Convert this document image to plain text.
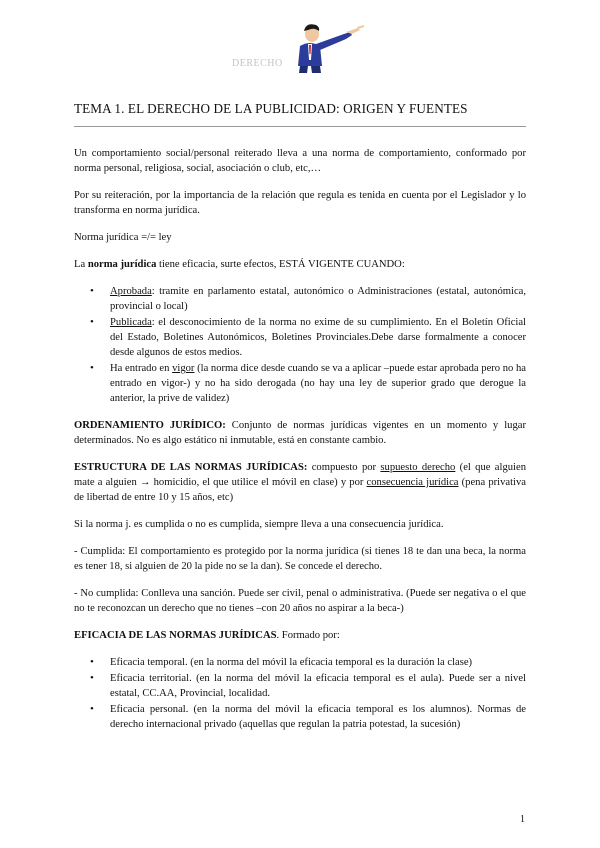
DERECHO
TEMA 1. EL DERECHO DE LA PUBLICIDAD: ORIGEN Y FUENTES

Un comportamiento social/personal reiterado lleva a una norma de comportamiento, conformado por norma personal, religiosa, social, asociación o club, etc,…

Por su reiteración, por la importancia de la relación que regula es tenida en cuenta por el Legislador y lo transforma en norma jurídica.

Norma jurídica =/= ley

La norma jurídica tiene eficacia, surte efectos, ESTÁ VIGENTE CUANDO:

• Aprobada: tramite en parlamento estatal, autonómico o Administraciones (estatal, autonómica, provincial o local)
• Publicada: el desconocimiento de la norma no exime de su cumplimiento. En el Boletín Oficial del Estado, Boletines Autonómicos, Boletines Provinciales.Debe darse formalmente a conocer desde algunos de estos medios.
• Ha entrado en vigor (la norma dice desde cuando se va a aplicar –puede estar aprobada pero no ha entrado en vigor-) y no ha sido derogada (no hay una ley de superior grado que derogue la anterior, la prive de validez)

ORDENAMIENTO JURÍDICO: Conjunto de normas jurídicas vigentes en un momento y lugar determinados. No es algo estático ni inmutable, está en constante cambio.

ESTRUCTURA DE LAS NORMAS JURÍDICAS: compuesto por supuesto derecho (el que alguien mate a alguien → homicidio, el que utilice el móvil en clase) y por consecuencia jurídica (pena privativa de libertad de entre 10 y 15 años, etc)

Si la norma j. es cumplida o no es cumplida, siempre lleva a una consecuencia jurídica.

- Cumplida: El comportamiento es protegido por la norma jurídica (si tienes 18 te dan una beca, la norma es tener 18, si alguien de 20 la pide no se la dan). Se concede el derecho.

- No cumplida: Conlleva una sanción. Puede ser civil, penal o administrativa. (Puede ser negativa o el que no te reconozcan un derecho que no tienes –con 20 años no aspirar a la beca-)

EFICACIA DE LAS NORMAS JURÍDICAS. Formado por:

• Eficacia temporal. (en la norma del móvil la eficacia temporal es la duración la clase)
• Eficacia territorial. (en la norma del móvil la eficacia temporal es el aula). Puede ser a nivel estatal, CC.AA, Provincial, localidad.
• Eficacia personal. (en la norma del móvil la eficacia temporal es los alumnos). Normas de derecho internacional privado (aquellas que regulan la patria potestad, la sucesión)
1
